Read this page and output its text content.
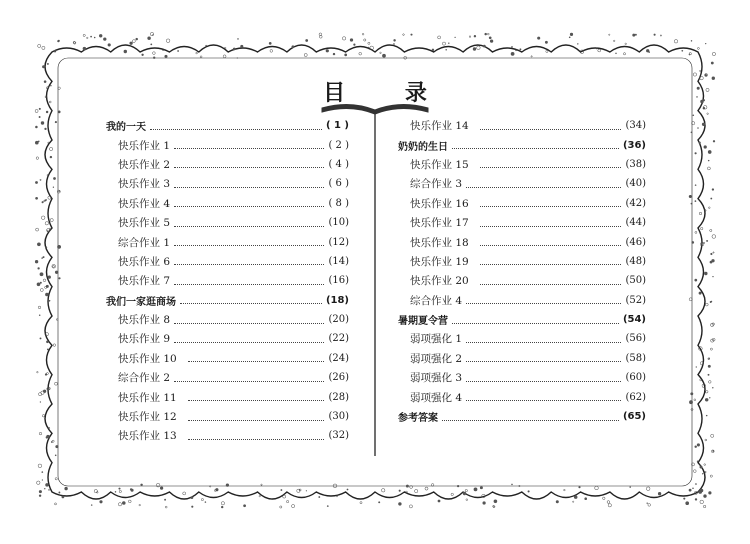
目 录
我的一天	( 1 )
快乐作业 1	( 2 )
快乐作业 2	( 4 )
快乐作业 3	( 6 )
快乐作业 4	( 8 )
快乐作业 5	(10)
综合作业 1	(12)
快乐作业 6	(14)
快乐作业 7	(16)
我们一家逛商场	(18)
快乐作业 8	(20)
快乐作业 9	(22)
快乐作业 10	(24)
综合作业 2	(26)
快乐作业 11	(28)
快乐作业 12	(30)
快乐作业 13	(32)
快乐作业 14	(34)
奶奶的生日	(36)
快乐作业 15	(38)
综合作业 3	(40)
快乐作业 16	(42)
快乐作业 17	(44)
快乐作业 18	(46)
快乐作业 19	(48)
快乐作业 20	(50)
综合作业 4	(52)
暑期夏令营	(54)
弱项强化 1	(56)
弱项强化 2	(58)
弱项强化 3	(60)
弱项强化 4	(62)
参考答案	(65)
